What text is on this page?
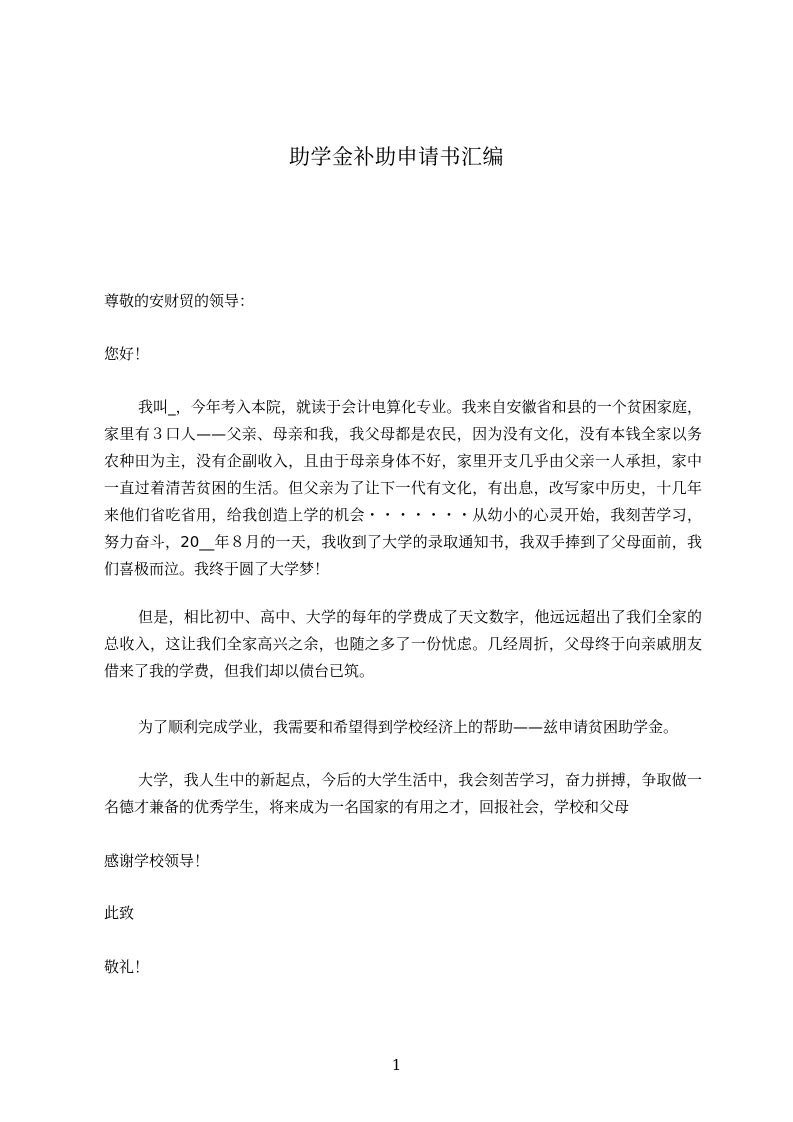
助学金补助申请书汇编
尊敬的安财贸的领导：
您好！
我叫_，今年考入本院，就读于会计电算化专业。我来自安徽省和县的一个贫困家庭，家里有３口人——父亲、母亲和我，我父母都是农民，因为没有文化，没有本钱全家以务农种田为主，没有企副收入，且由于母亲身体不好，家里开支几乎由父亲一人承担，家中一直过着清苦贫困的生活。但父亲为了让下一代有文化，有出息，改写家中历史，十几年来他们省吃省用，给我创造上学的机会・・・・・・・从幼小的心灵开始，我刻苦学习，努力奋斗，20__年８月的一天，我收到了大学的录取通知书，我双手捧到了父母面前，我们喜极而泣。我终于圆了大学梦！
但是，相比初中、高中、大学的每年的学费成了天文数字，他远远超出了我们全家的总收入，这让我们全家高兴之余，也随之多了一份忧虑。几经周折，父母终于向亲戚朋友借来了我的学费，但我们却以债台已筑。
为了顺利完成学业，我需要和希望得到学校经济上的帮助——兹申请贫困助学金。
大学，我人生中的新起点，今后的大学生活中，我会刻苦学习，奋力拼搏，争取做一名德才兼备的优秀学生，将来成为一名国家的有用之才，回报社会，学校和父母
感谢学校领导！
此致
敬礼！
1
